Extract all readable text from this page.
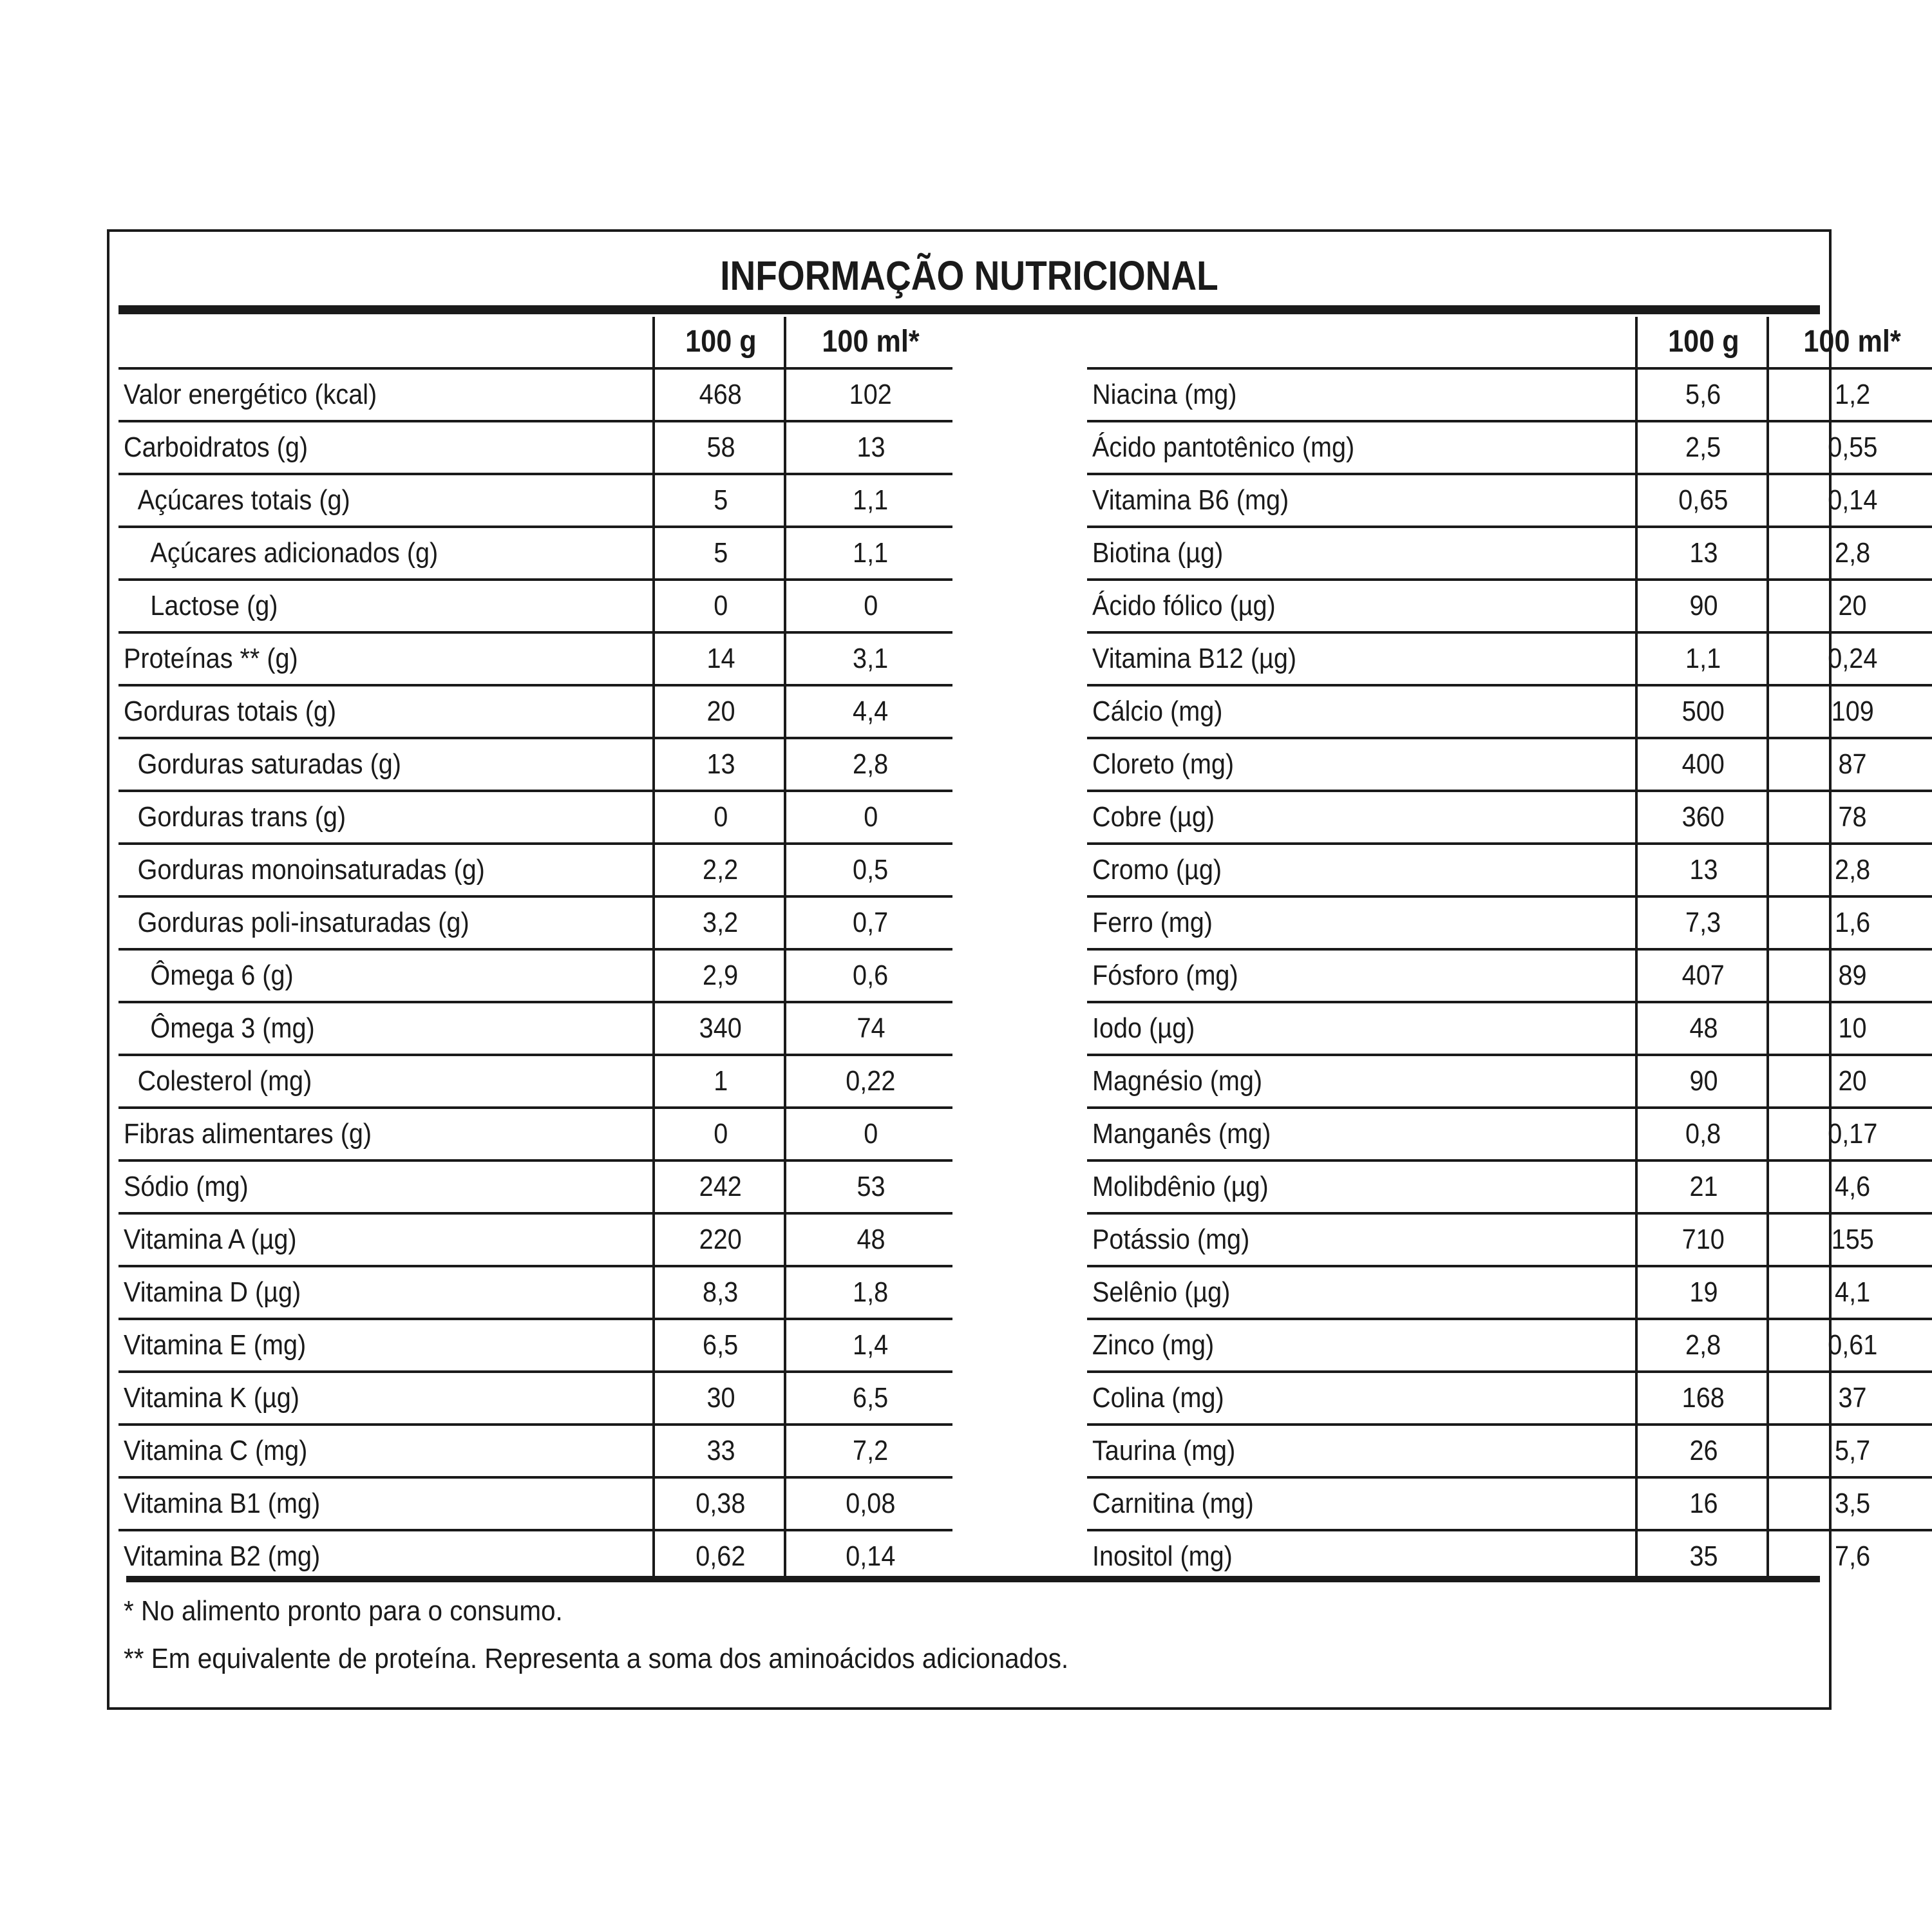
INFORMAÇÃO NUTRICIONAL
100 g	100 ml*
Valor energético (kcal)	468	102
Carboidratos (g)	58	13
Açúcares totais (g)	5	1,1
Açúcares adicionados (g)	5	1,1
Lactose (g)	0	0
Proteínas ** (g)	14	3,1
Gorduras totais (g)	20	4,4
Gorduras saturadas (g)	13	2,8
Gorduras trans (g)	0	0
Gorduras monoinsaturadas (g)	2,2	0,5
Gorduras poli-insaturadas (g)	3,2	0,7
Ômega 6 (g)	2,9	0,6
Ômega 3 (mg)	340	74
Colesterol (mg)	1	0,22
Fibras alimentares (g)	0	0
Sódio (mg)	242	53
Vitamina A (µg)	220	48
Vitamina D (µg)	8,3	1,8
Vitamina E (mg)	6,5	1,4
Vitamina K (µg)	30	6,5
Vitamina C (mg)	33	7,2
Vitamina B1 (mg)	0,38	0,08
Vitamina B2 (mg)	0,62	0,14
100 g	100 ml*
Niacina (mg)	5,6	1,2
Ácido pantotênico (mg)	2,5	0,55
Vitamina B6 (mg)	0,65	0,14
Biotina (µg)	13	2,8
Ácido fólico (µg)	90	20
Vitamina B12 (µg)	1,1	0,24
Cálcio (mg)	500	109
Cloreto (mg)	400	87
Cobre (µg)	360	78
Cromo (µg)	13	2,8
Ferro (mg)	7,3	1,6
Fósforo (mg)	407	89
Iodo (µg)	48	10
Magnésio (mg)	90	20
Manganês (mg)	0,8	0,17
Molibdênio (µg)	21	4,6
Potássio (mg)	710	155
Selênio (µg)	19	4,1
Zinco (mg)	2,8	0,61
Colina (mg)	168	37
Taurina (mg)	26	5,7
Carnitina (mg)	16	3,5
Inositol (mg)	35	7,6
* No alimento pronto para o consumo.
** Em equivalente de proteína. Representa a soma dos aminoácidos adicionados.
